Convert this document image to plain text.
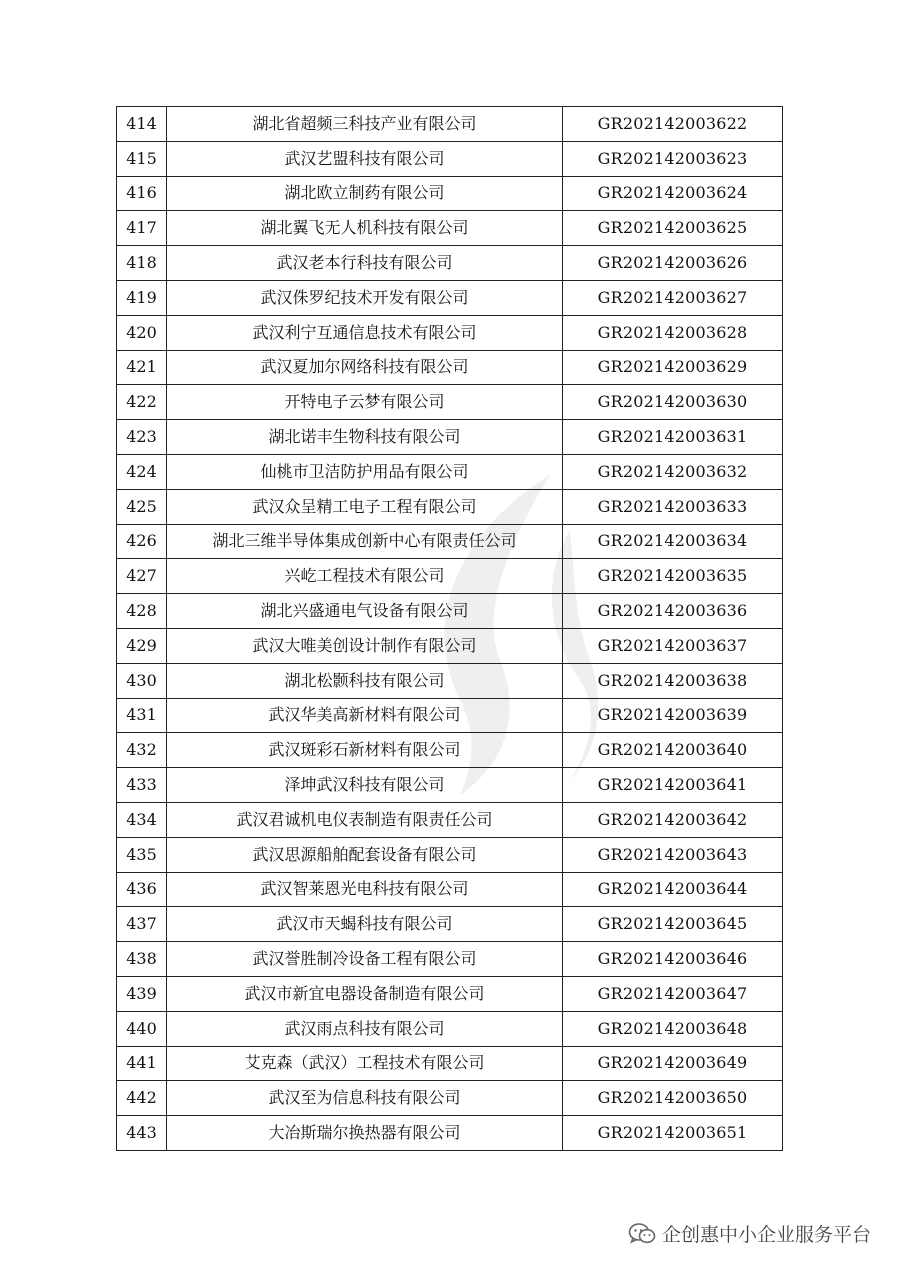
414	湖北省超频三科技产业有限公司	GR202142003622
415	武汉艺盟科技有限公司	GR202142003623
416	湖北欧立制药有限公司	GR202142003624
417	湖北翼飞无人机科技有限公司	GR202142003625
418	武汉老本行科技有限公司	GR202142003626
419	武汉侏罗纪技术开发有限公司	GR202142003627
420	武汉利宁互通信息技术有限公司	GR202142003628
421	武汉夏加尔网络科技有限公司	GR202142003629
422	开特电子云梦有限公司	GR202142003630
423	湖北诺丰生物科技有限公司	GR202142003631
424	仙桃市卫洁防护用品有限公司	GR202142003632
425	武汉众呈精工电子工程有限公司	GR202142003633
426	湖北三维半导体集成创新中心有限责任公司	GR202142003634
427	兴屹工程技术有限公司	GR202142003635
428	湖北兴盛通电气设备有限公司	GR202142003636
429	武汉大唯美创设计制作有限公司	GR202142003637
430	湖北松颢科技有限公司	GR202142003638
431	武汉华美高新材料有限公司	GR202142003639
432	武汉斑彩石新材料有限公司	GR202142003640
433	泽坤武汉科技有限公司	GR202142003641
434	武汉君诚机电仪表制造有限责任公司	GR202142003642
435	武汉思源船舶配套设备有限公司	GR202142003643
436	武汉智莱恩光电科技有限公司	GR202142003644
437	武汉市天蝎科技有限公司	GR202142003645
438	武汉誉胜制冷设备工程有限公司	GR202142003646
439	武汉市新宜电器设备制造有限公司	GR202142003647
440	武汉雨点科技有限公司	GR202142003648
441	艾克森（武汉）工程技术有限公司	GR202142003649
442	武汉至为信息科技有限公司	GR202142003650
443	大冶斯瑞尔换热器有限公司	GR202142003651
企创惠中小企业服务平台
